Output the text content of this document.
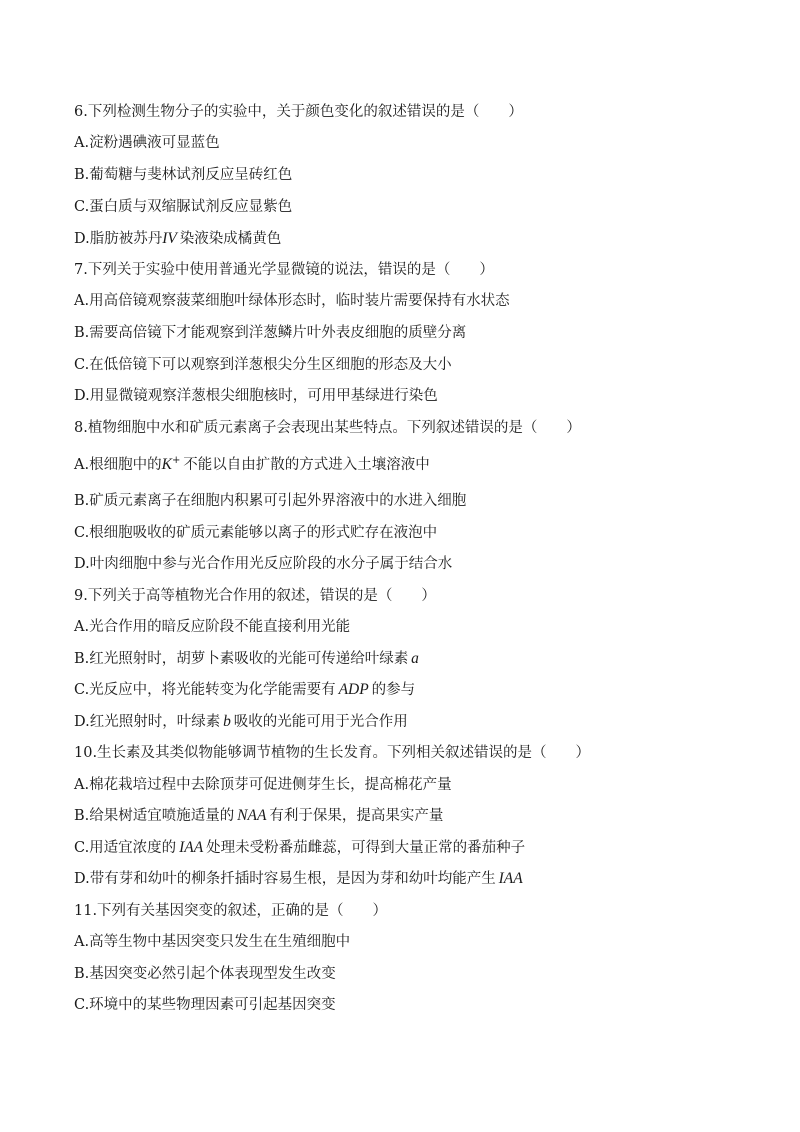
6.下列检测生物分子的实验中，关于颜色变化的叙述错误的是（　　）
A.淀粉遇碘液可显蓝色
B.葡萄糖与斐林试剂反应呈砖红色
C.蛋白质与双缩脲试剂反应显紫色
D.脂肪被苏丹IV  染液染成橘黄色
7.下列关于实验中使用普通光学显微镜的说法，错误的是（　　）
A.用高倍镜观察菠菜细胞叶绿体形态时，临时装片需要保持有水状态
B.需要高倍镜下才能观察到洋葱鳞片叶外表皮细胞的质壁分离
C.在低倍镜下可以观察到洋葱根尖分生区细胞的形态及大小
D.用显微镜观察洋葱根尖细胞核时，可用甲基绿进行染色
8.植物细胞中水和矿质元素离子会表现出某些特点。下列叙述错误的是（　　）
A.根细胞中的K+  不能以自由扩散的方式进入土壤溶液中
B.矿质元素离子在细胞内积累可引起外界溶液中的水进入细胞
C.根细胞吸收的矿质元素能够以离子的形式贮存在液泡中
D.叶肉细胞中参与光合作用光反应阶段的水分子属于结合水
9.下列关于高等植物光合作用的叙述，错误的是（　　）
A.光合作用的暗反应阶段不能直接利用光能
B.红光照射时，胡萝卜素吸收的光能可传递给叶绿素  a
C.光反应中，将光能转变为化学能需要有  ADP  的参与
D.红光照射时，叶绿素  b  吸收的光能可用于光合作用
10.生长素及其类似物能够调节植物的生长发育。下列相关叙述错误的是（　　）
A.棉花栽培过程中去除顶芽可促进侧芽生长，提高棉花产量
B.给果树适宜喷施适量的  NAA  有利于保果，提高果实产量
C.用适宜浓度的  IAA  处理未受粉番茄雌蕊，可得到大量正常的番茄种子
D.带有芽和幼叶的柳条扦插时容易生根，是因为芽和幼叶均能产生  IAA
11.下列有关基因突变的叙述，正确的是（　　）
A.高等生物中基因突变只发生在生殖细胞中
B.基因突变必然引起个体表现型发生改变
C.环境中的某些物理因素可引起基因突变
